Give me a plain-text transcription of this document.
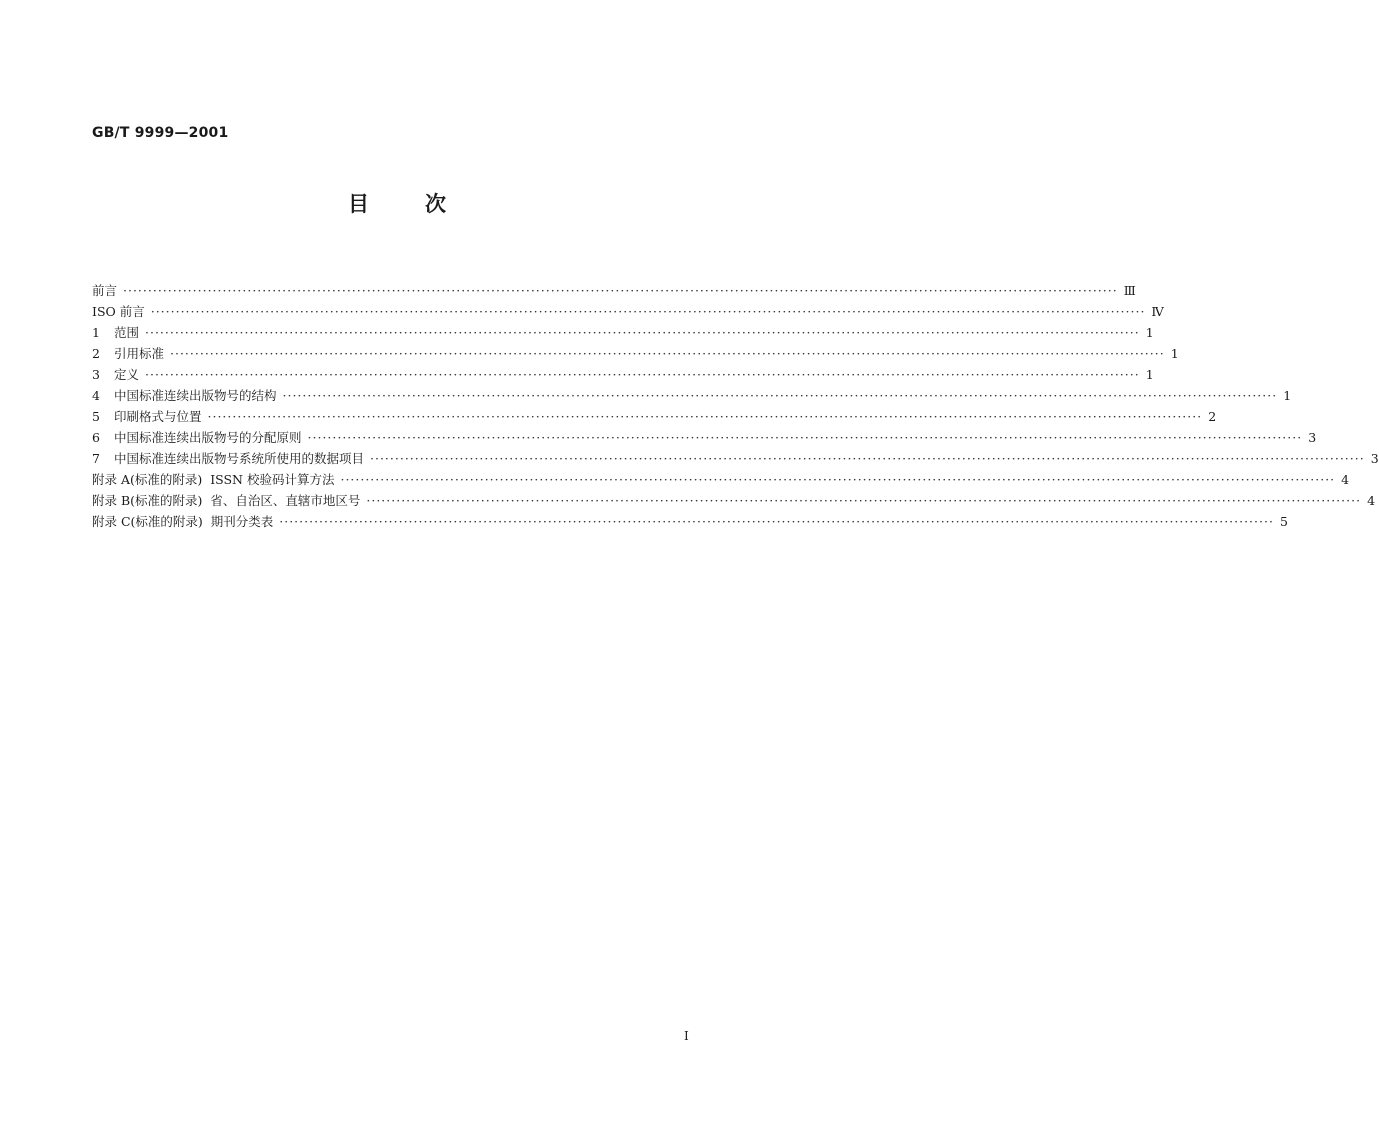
GB/T 9999—2001
目次
前言 ········································································································································································································ Ⅲ
ISO 前言 ········································································································································································································ Ⅳ
1	范围 ········································································································································································································ 1
2	引用标准 ········································································································································································································ 1
3	定义 ········································································································································································································ 1
4	中国标准连续出版物号的结构 ········································································································································································································ 1
5	印刷格式与位置 ········································································································································································································ 2
6	中国标准连续出版物号的分配原则 ········································································································································································································ 3
7	中国标准连续出版物号系统所使用的数据项目 ········································································································································································································ 3
附录 A(标准的附录)  ISSN 校验码计算方法 ········································································································································································································ 4
附录 B(标准的附录)  省、自治区、直辖市地区号 ········································································································································································································ 4
附录 C(标准的附录)  期刊分类表 ········································································································································································································ 5
I
